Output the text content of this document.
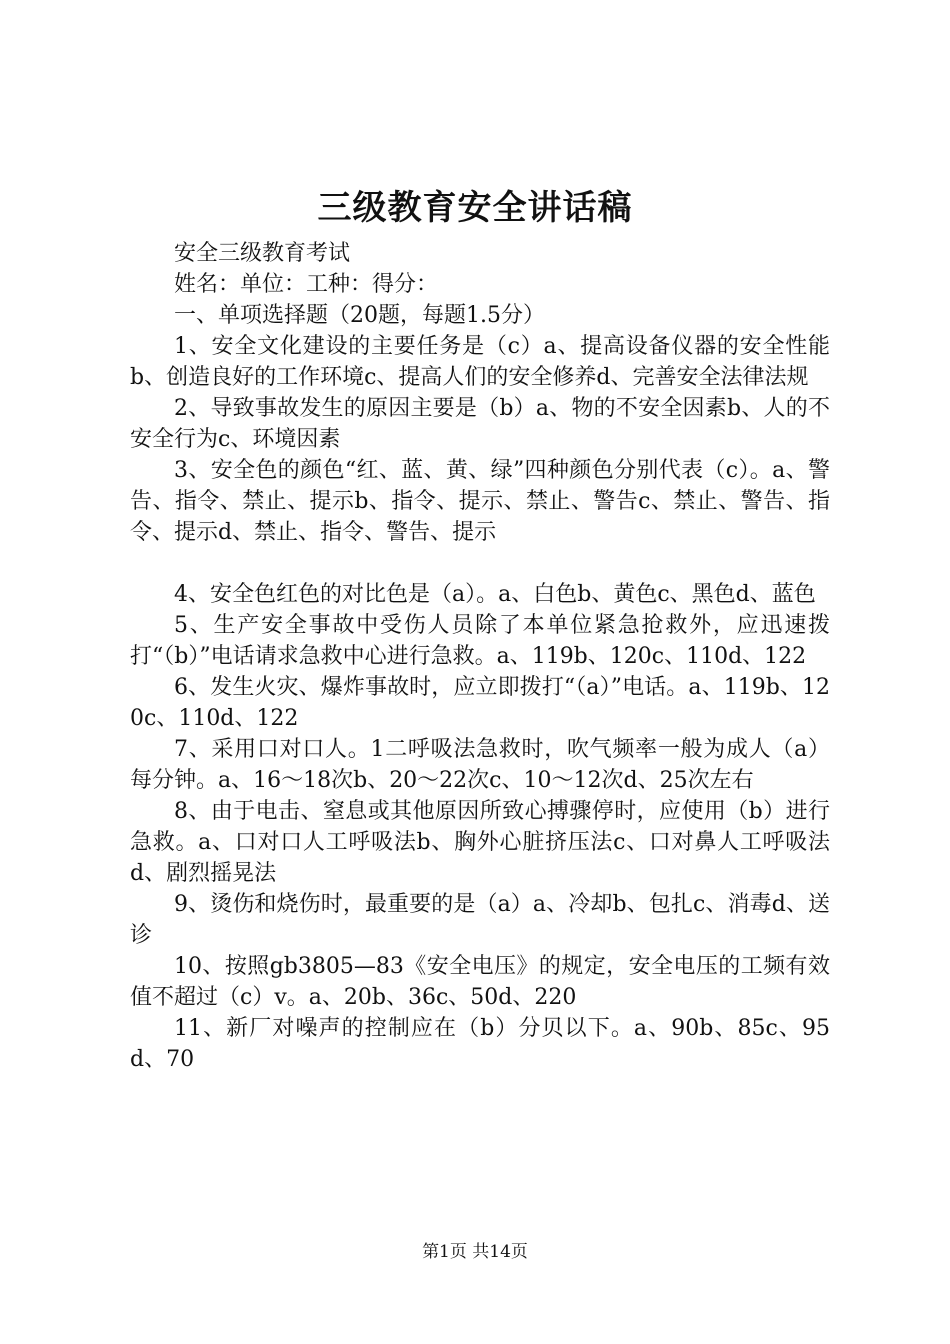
三级教育安全讲话稿

安全三级教育考试

姓名：单位：工种：得分：

一、单项选择题（20题，每题1.5分）

1、安全文化建设的主要任务是（c）a、提高设备仪器的安全性能b、创造良好的工作环境c、提高人们的安全修养d、完善安全法律法规

2、导致事故发生的原因主要是（b）a、物的不安全因素b、人的不安全行为c、环境因素

3、安全色的颜色“红、蓝、黄、绿”四种颜色分别代表（c）。a、警告、指令、禁止、提示b、指令、提示、禁止、警告c、禁止、警告、指令、提示d、禁止、指令、警告、提示

4、安全色红色的对比色是（a）。a、白色b、黄色c、黑色d、蓝色

5、生产安全事故中受伤人员除了本单位紧急抢救外，应迅速拨打“（b）”电话请求急救中心进行急救。a、119b、120c、110d、122

6、发生火灾、爆炸事故时，应立即拨打“（a）”电话。a、119b、120c、110d、122

7、采用口对口人。1二呼吸法急救时，吹气频率一般为成人（a）每分钟。a、16～18次b、20～22次c、10～12次d、25次左右

8、由于电击、窒息或其他原因所致心搏骤停时，应使用（b）进行急救。a、口对口人工呼吸法b、胸外心脏挤压法c、口对鼻人工呼吸法d、剧烈摇晃法

9、烫伤和烧伤时，最重要的是（a）a、冷却b、包扎c、消毒d、送诊

10、按照gb3805—83《安全电压》的规定，安全电压的工频有效值不超过（c）v。a、20b、36c、50d、220

11、新厂对噪声的控制应在（b）分贝以下。a、90b、85c、95d、70

第1页 共14页
